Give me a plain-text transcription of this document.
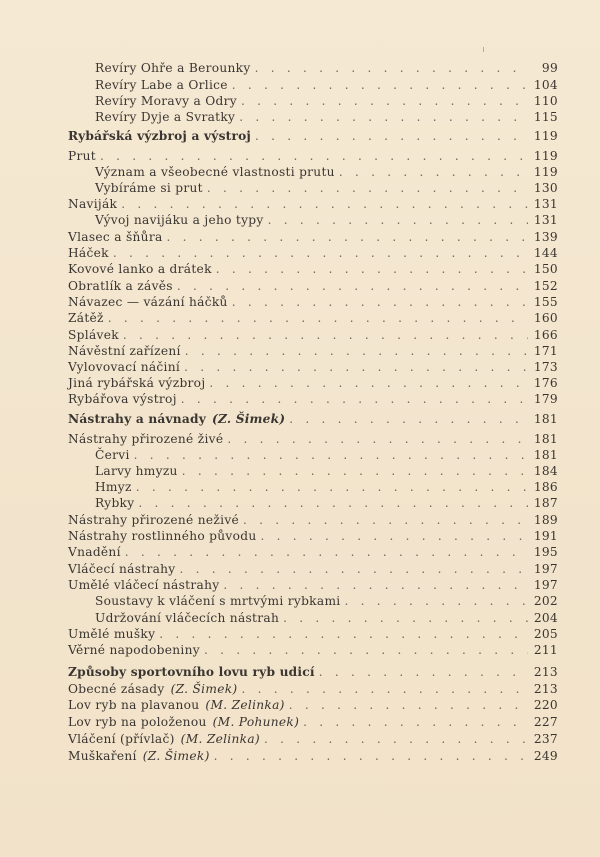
Revíry Ohře a Berounky . . .	99
Revíry Labe a Orlice . . .	104
Revíry Moravy a Odry . . .	110
Revíry Dyje a Svratky . . .	115
Rybářská výzbroj a výstroj . . .	119
Prut . . .	119
Význam a všeobecné vlastnosti prutu . . .	119
Vybíráme si prut . . .	130
Naviják . . .	131
Vývoj navijáku a jeho typy . . .	131
Vlasec a šňůra . . .	139
Háček . . .	144
Kovové lanko a drátek . . .	150
Obratlík a závěs . . .	152
Návazec — vázání háčků . . .	155
Zátěž . . .	160
Splávek . . .	166
Návěstní zařízení . . .	171
Vylovovací náčiní . . .	173
Jiná rybářská výzbroj . . .	176
Rybářova výstroj . . .	179
Nástrahy a návnady (Z. Šimek) . . .	181
Nástrahy přirozené živé . . .	181
Červi . . .	181
Larvy hmyzu . . .	184
Hmyz . . .	186
Rybky . . .	187
Nástrahy přirozené neživé . . .	189
Nástrahy rostlinného původu . . .	191
Vnadění . . .	195
Vláčecí nástrahy . . .	197
Umělé vláčecí nástrahy . . .	197
Soustavy k vláčení s mrtvými rybkami . . .	202
Udržování vláčecích nástrah . . .	204
Umělé mušky . . .	205
Věrné napodobeniny . . .	211
Způsoby sportovního lovu ryb udicí . . .	213
Obecné zásady (Z. Šimek) . . .	213
Lov ryb na plavanou (M. Zelinka) . . .	220
Lov ryb na položenou (M. Pohunek) . . .	227
Vláčení (přívlač) (M. Zelinka) . . .	237
Muškaření (Z. Šimek) . . .	249
